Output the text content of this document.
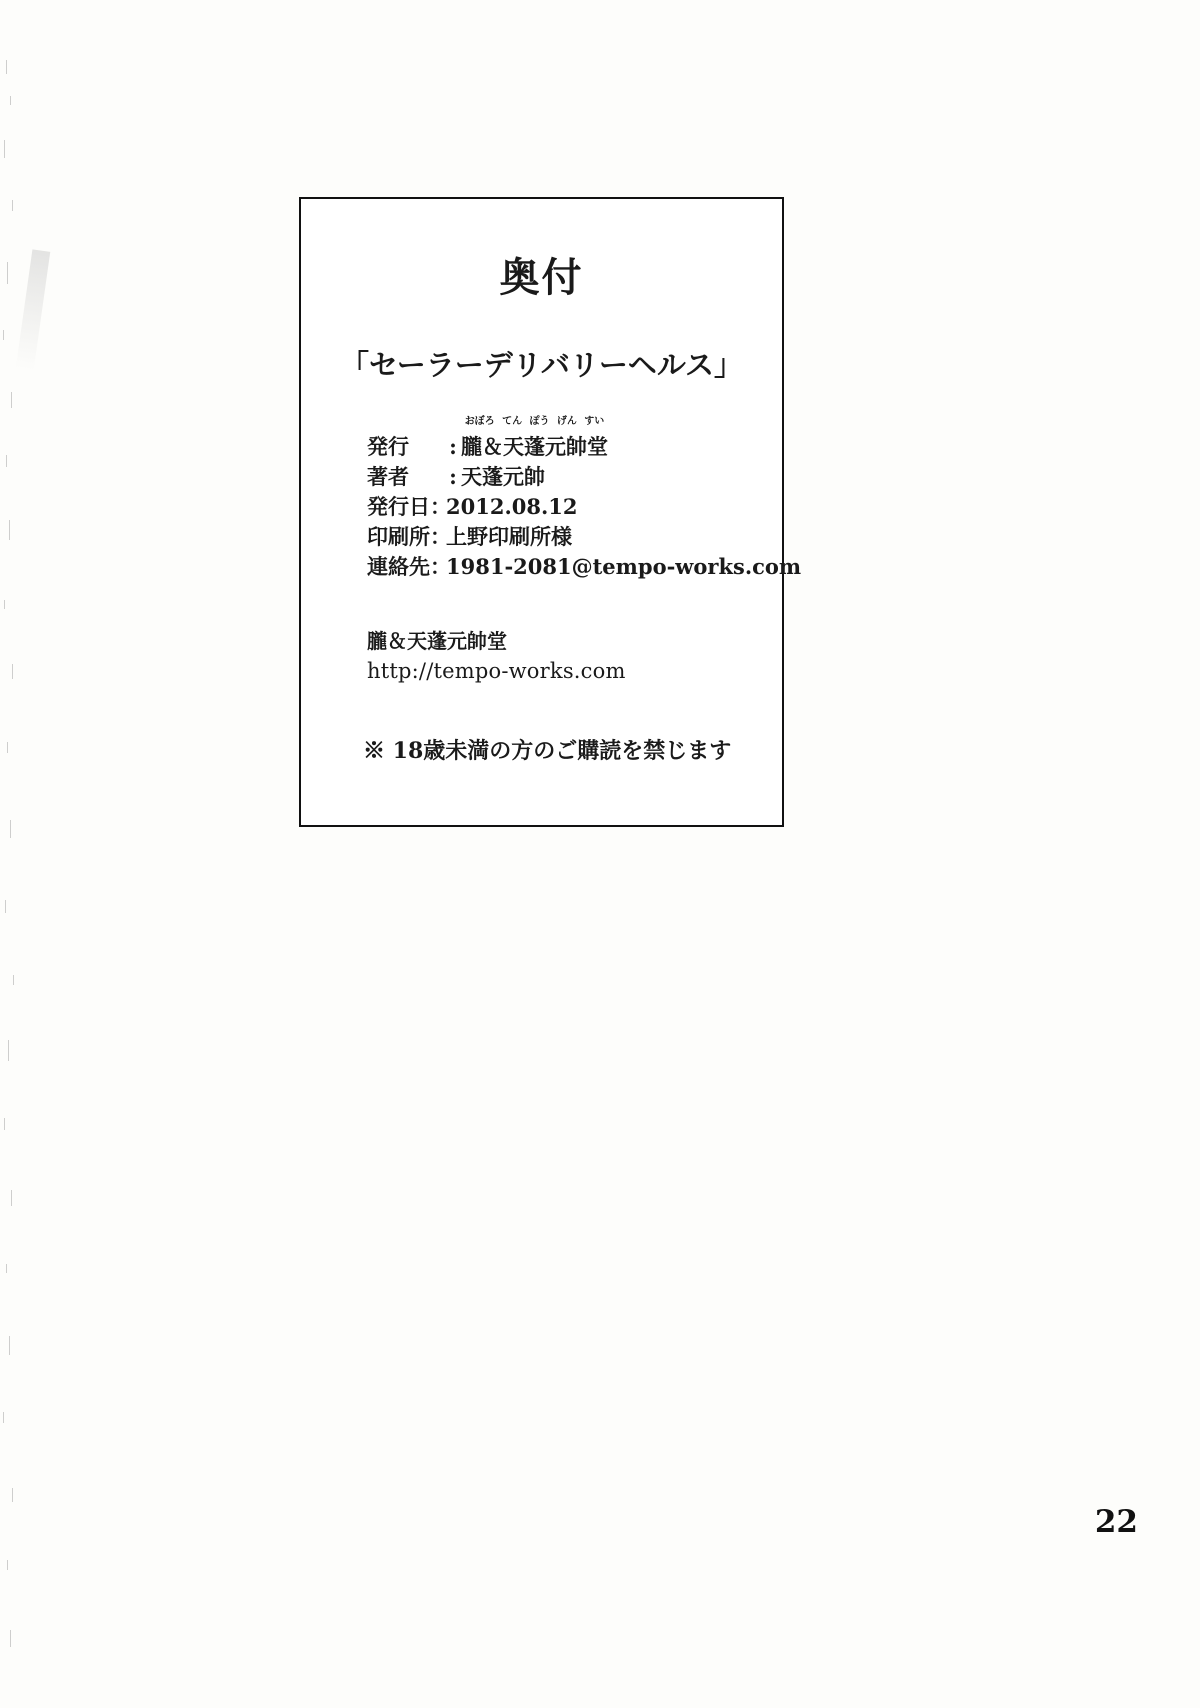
奥付
「セーラーデリバリーヘルス」
発行	:
おぼろ てん ぽう げん すい
朧＆天蓬元帥堂
著者	: 天蓬元帥
発行日 ：
2012.08.12
印刷所 ：
上野印刷所様
連絡先 ：
1981-2081@tempo-works.com
朧＆天蓬元帥堂
http://tempo-works.com
※ 18歳未満の方のご購読を禁じます
22
